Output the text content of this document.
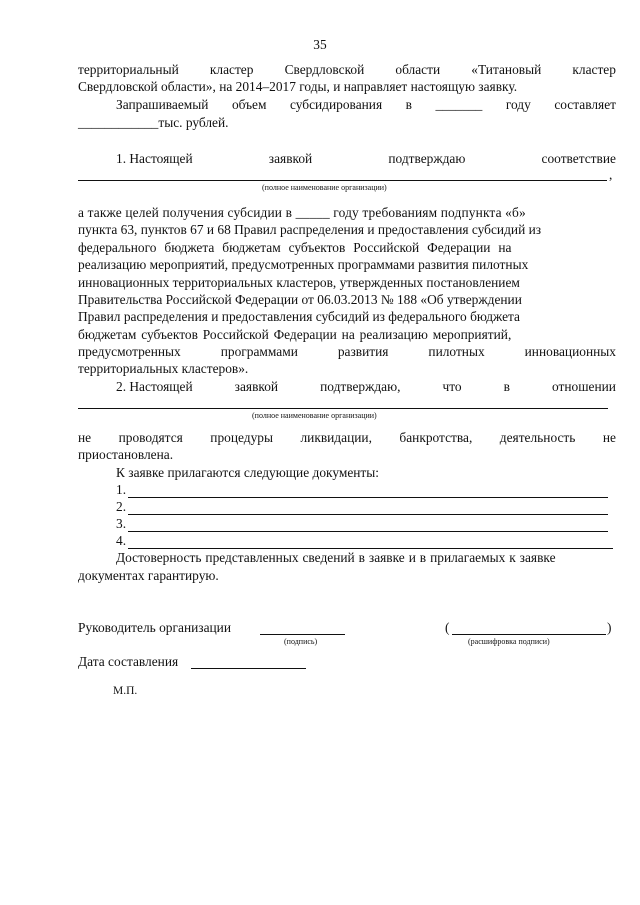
35
территориальный кластер Свердловской области «Титановый кластер
Свердловской области», на 2014–2017 годы, и направляет настоящую заявку.
Запрашиваемый объем субсидирования в _______ году составляет
____________тыс. рублей.
1. Настоящей	заявкой	подтверждаю	соответствие
,
(полное наименование организации)
а также целей получения субсидии в _____ году требованиям подпункта «б»
пункта 63, пунктов 67 и 68 Правил распределения и предоставления субсидий из
федерального бюджета бюджетам субъектов Российской Федерации на
реализацию мероприятий, предусмотренных программами развития пилотных
инновационных территориальных кластеров, утвержденных постановлением
Правительства Российской Федерации от 06.03.2013 № 188 «Об утверждении
Правил распределения и предоставления субсидий из федерального бюджета
бюджетам субъектов Российской Федерации на реализацию мероприятий,
предусмотренных	программами	развития	пилотных	инновационных
территориальных кластеров».
2. Настоящей	заявкой	подтверждаю,	что	в	отношении
(полное наименование организации)
не проводятся процедуры ликвидации, банкротства, деятельность не
приостановлена.
К заявке прилагаются следующие документы:
1.
2.
3.
4.
Достоверность представленных сведений в заявке и в прилагаемых к заявке
документах гарантирую.
Руководитель организации
(подпись)
(	)
(расшифровка подписи)
Дата составления
М.П.
